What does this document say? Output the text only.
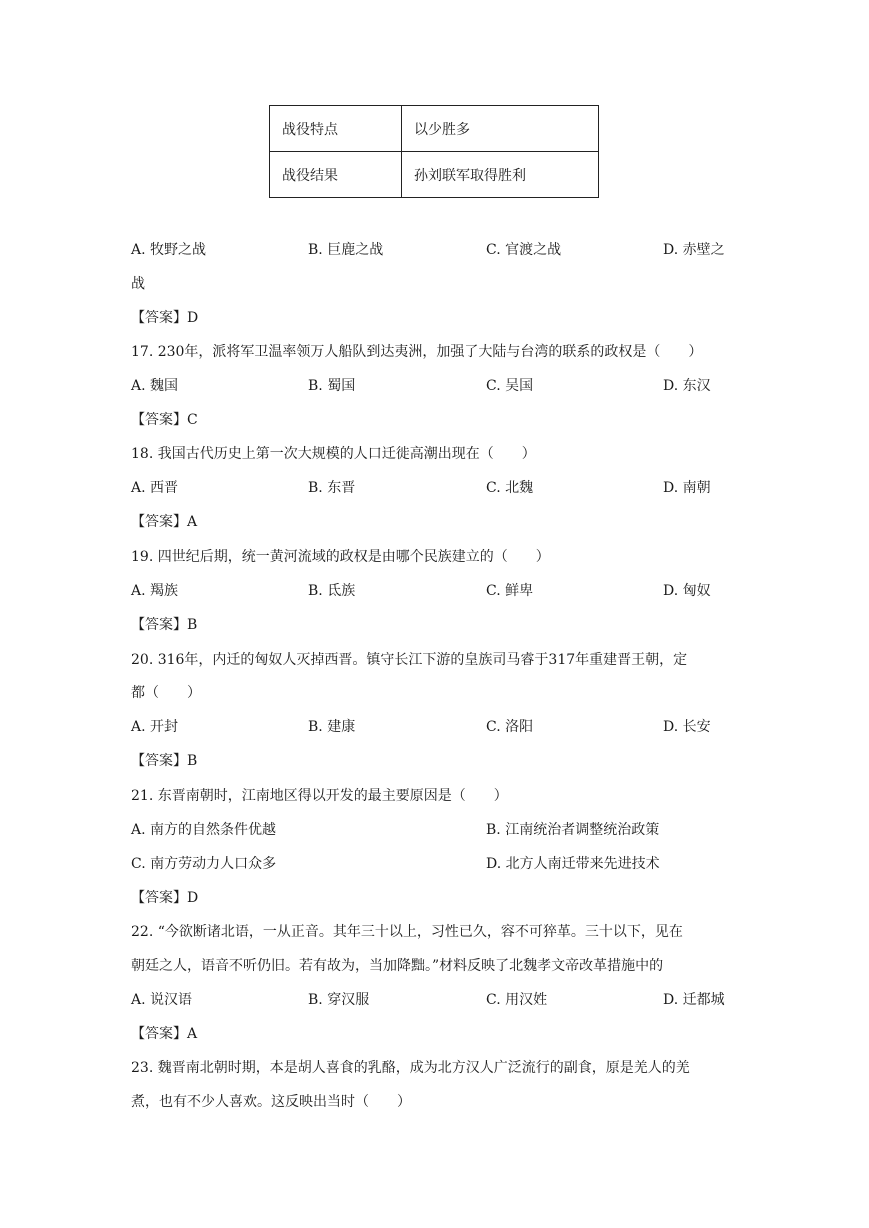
战役特点	以少胜多
战役结果	孙刘联军取得胜利
A. 牧野之战	B. 巨鹿之战	C. 官渡之战	D. 赤壁之
战
【答案】D
17. 230年，派将军卫温率领万人船队到达夷洲，加强了大陆与台湾的联系的政权是（　　）
A. 魏国	B. 蜀国	C. 吴国	D. 东汉
【答案】C
18. 我国古代历史上第一次大规模的人口迁徙高潮出现在（　　）
A. 西晋	B. 东晋	C. 北魏	D. 南朝
【答案】A
19. 四世纪后期，统一黄河流域的政权是由哪个民族建立的（　　）
A. 羯族	B. 氐族	C. 鲜卑	D. 匈奴
【答案】B
20. 316年，内迁的匈奴人灭掉西晋。镇守长江下游的皇族司马睿于317年重建晋王朝，定
都（　　）
A. 开封	B. 建康	C. 洛阳	D. 长安
【答案】B
21. 东晋南朝时，江南地区得以开发的最主要原因是（　　）
A. 南方的自然条件优越	B. 江南统治者调整统治政策
C. 南方劳动力人口众多	D. 北方人南迁带来先进技术
【答案】D
22. “今欲断诸北语，一从正音。其年三十以上，习性已久，容不可猝革。三十以下，见在
朝廷之人，语音不听仍旧。若有故为，当加降黜。”材料反映了北魏孝文帝改革措施中的
A. 说汉语	B. 穿汉服	C. 用汉姓	D. 迁都城
【答案】A
23. 魏晋南北朝时期，本是胡人喜食的乳酪，成为北方汉人广泛流行的副食，原是羌人的羌
煮，也有不少人喜欢。这反映出当时（　　）
